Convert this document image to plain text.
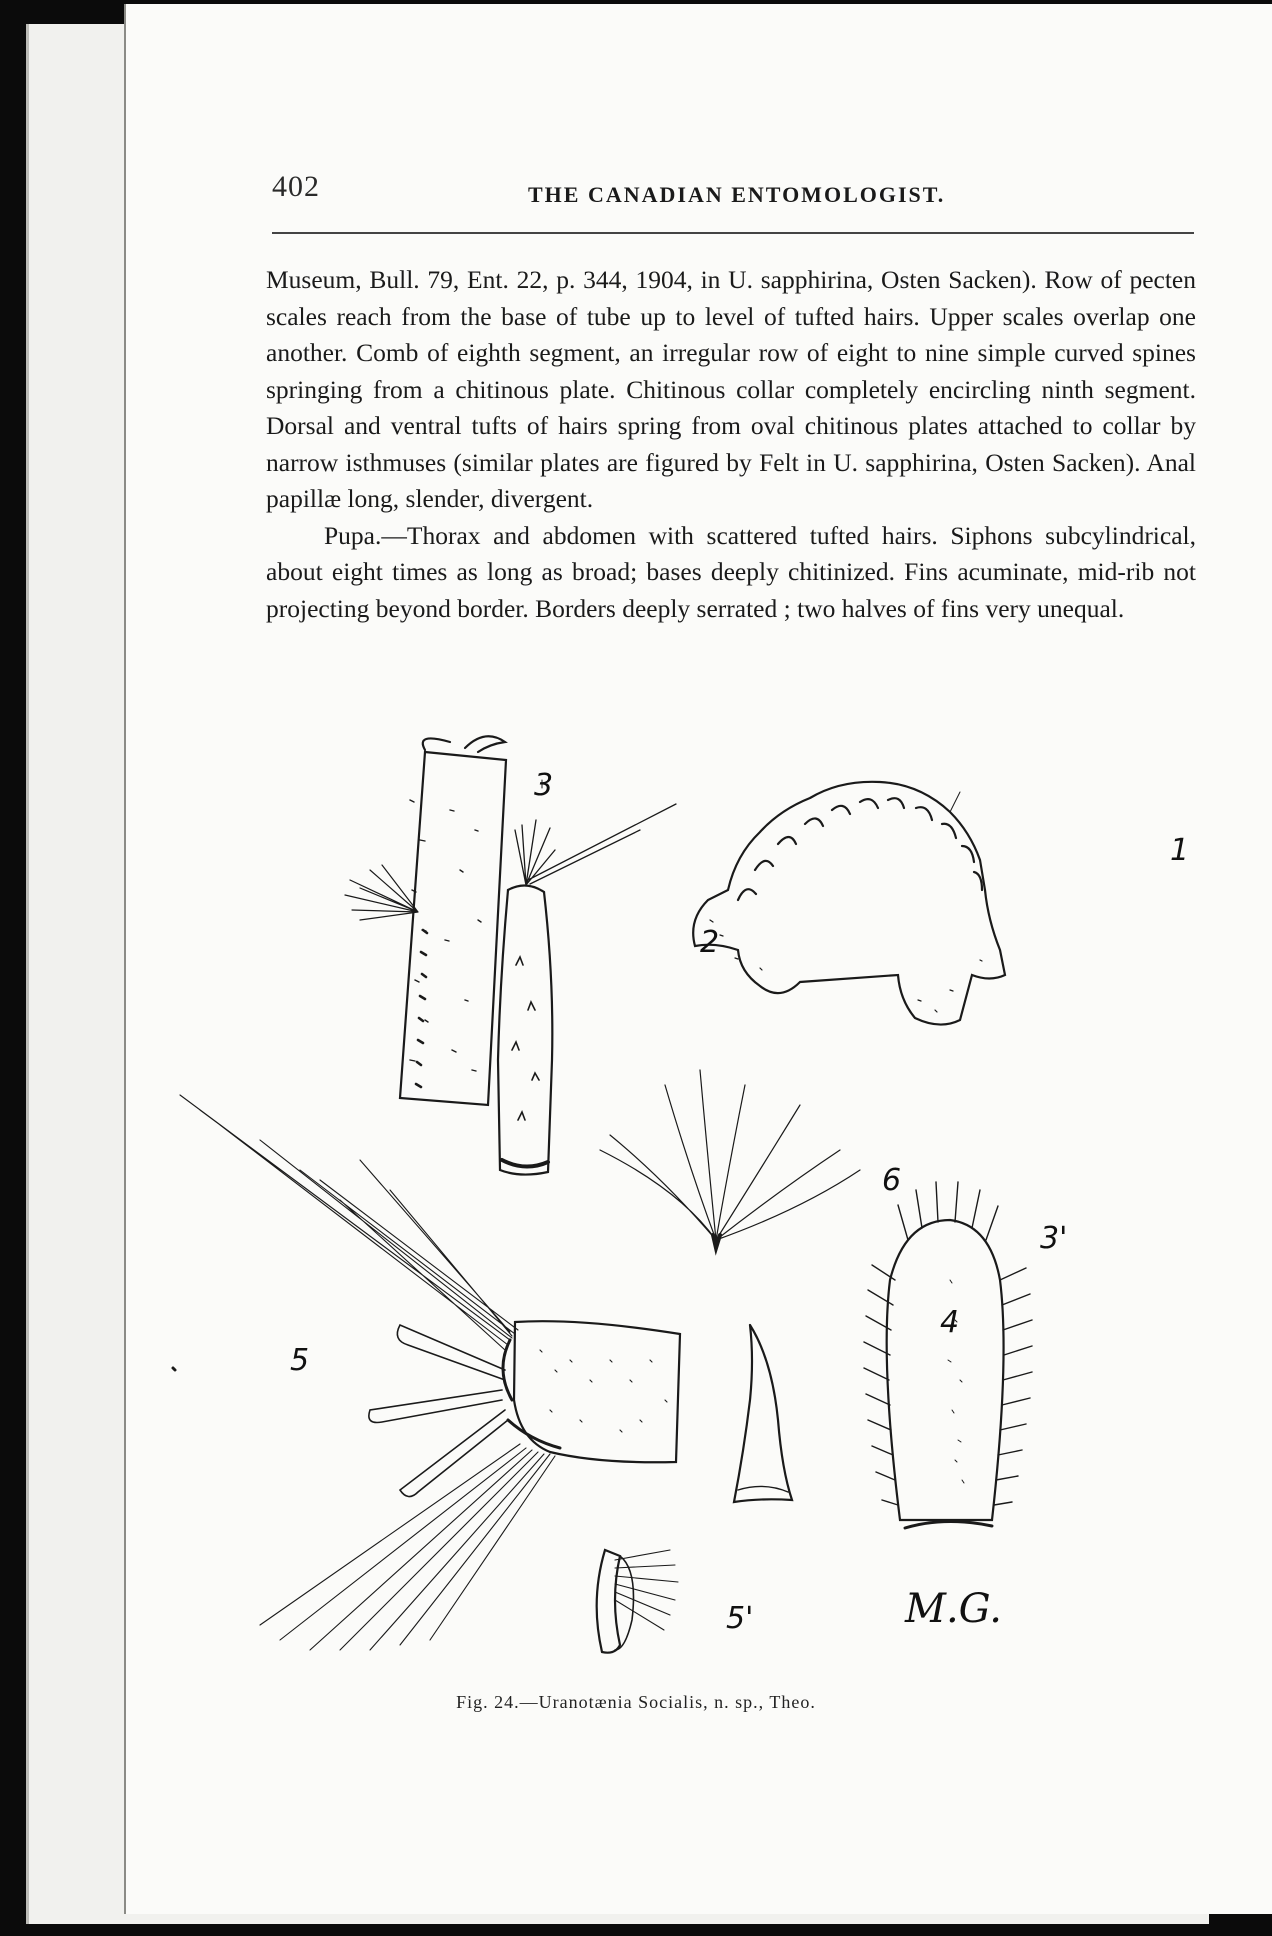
402	THE CANADIAN ENTOMOLOGIST.

Museum, Bull. 79, Ent. 22, p. 344, 1904, in U. sapphirina, Osten Sacken). Row of pecten scales reach from the base of tube up to level of tufted hairs. Upper scales overlap one another. Comb of eighth segment, an irregular row of eight to nine simple curved spines springing from a chitinous plate. Chitinous collar completely encircling ninth segment. Dorsal and ventral tufts of hairs spring from oval chitinous plates attached to collar by narrow isthmuses (similar plates are figured by Felt in U. sapphirina, Osten Sacken). Anal papillæ long, slender, divergent.

Pupa.—Thorax and abdomen with scattered tufted hairs. Siphons subcylindrical, about eight times as long as broad; bases deeply chitinized. Fins acuminate, mid-rib not projecting beyond border. Borders deeply serrated ; two halves of fins very unequal.

3
2
1
6
3'
4
5
5'	M.G.
Fig. 24.—Uranotænia Socialis, n. sp., Theo.
